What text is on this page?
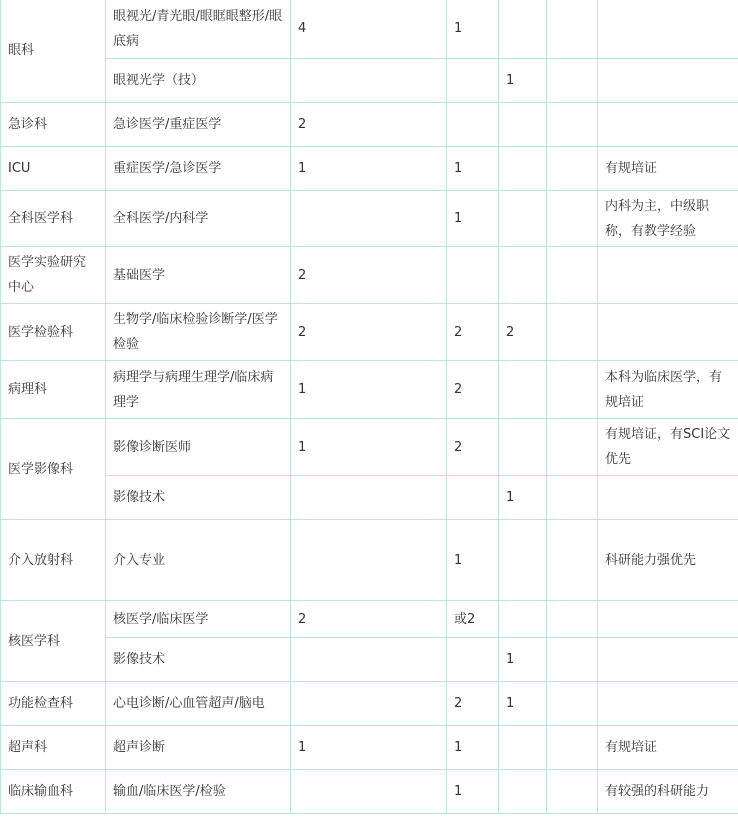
眼科	眼视光/青光眼/眼眶眼整形/眼底病	4	1			
	眼视光学（技）			1		
急诊科	急诊医学/重症医学	2				
ICU	重症医学/急诊医学	1	1			有规培证
全科医学科	全科医学/内科学		1			内科为主，中级职称，有教学经验
医学实验研究中心	基础医学	2				
医学检验科	生物学/临床检验诊断学/医学检验	2	2	2		
病理科	病理学与病理生理学/临床病理学	1	2			本科为临床医学，有规培证
医学影像科	影像诊断医师	1	2			有规培证，有SCI论文优先
	影像技术			1		
介入放射科	介入专业		1			科研能力强优先
核医学科	核医学/临床医学	2	或2			
	影像技术			1		
功能检查科	心电诊断/心血管超声/脑电		2	1		
超声科	超声诊断	1	1			有规培证
临床输血科	输血/临床医学/检验		1			有较强的科研能力
